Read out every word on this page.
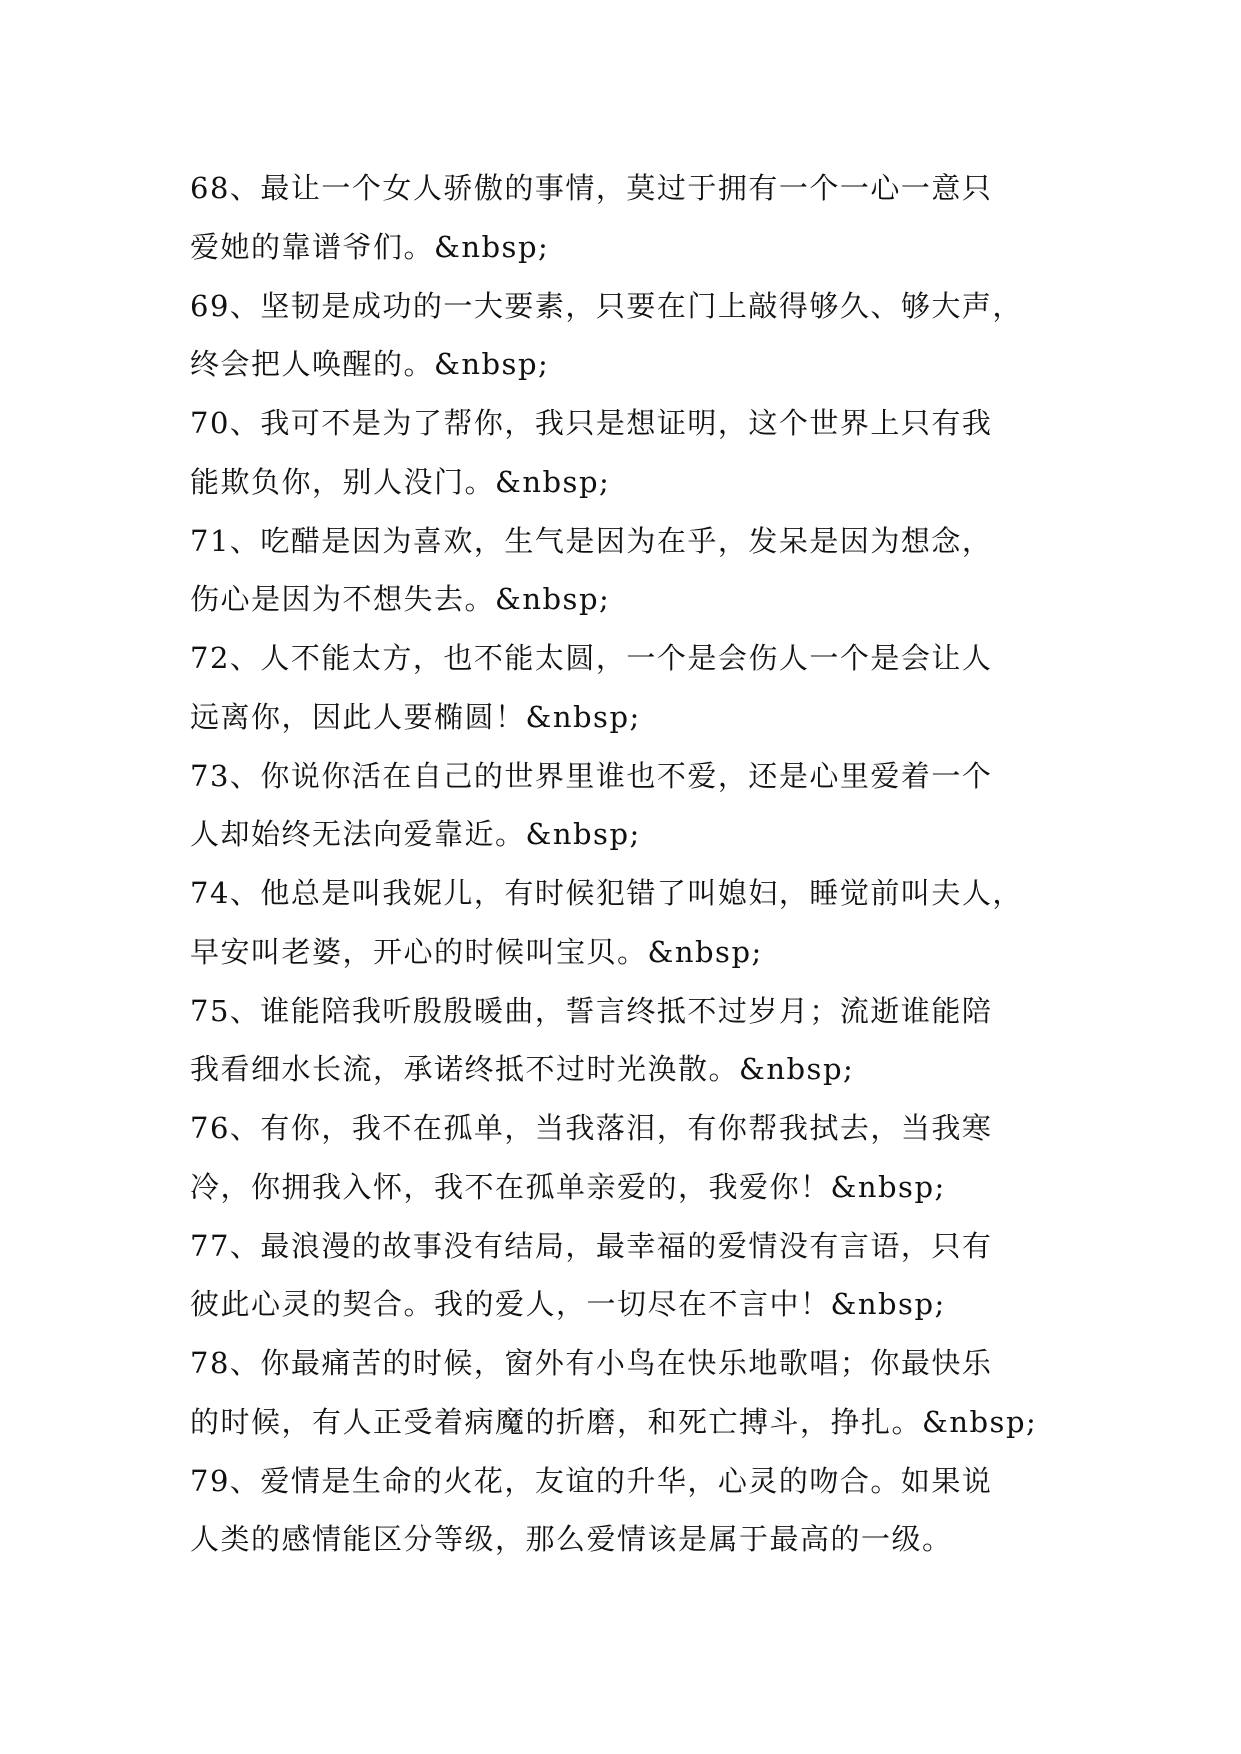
68、最让一个女人骄傲的事情，莫过于拥有一个一心一意只
爱她的靠谱爷们。&nbsp;
69、坚韧是成功的一大要素，只要在门上敲得够久、够大声，
终会把人唤醒的。&nbsp;
70、我可不是为了帮你，我只是想证明，这个世界上只有我
能欺负你，别人没门。&nbsp;
71、吃醋是因为喜欢，生气是因为在乎，发呆是因为想念，
伤心是因为不想失去。&nbsp;
72、人不能太方，也不能太圆，一个是会伤人一个是会让人
远离你，因此人要椭圆！&nbsp;
73、你说你活在自己的世界里谁也不爱，还是心里爱着一个
人却始终无法向爱靠近。&nbsp;
74、他总是叫我妮儿，有时候犯错了叫媳妇，睡觉前叫夫人，
早安叫老婆，开心的时候叫宝贝。&nbsp;
75、谁能陪我听殷殷暖曲，誓言终抵不过岁月；流逝谁能陪
我看细水长流，承诺终抵不过时光涣散。&nbsp;
76、有你，我不在孤单，当我落泪，有你帮我拭去，当我寒
冷，你拥我入怀，我不在孤单亲爱的，我爱你！&nbsp;
77、最浪漫的故事没有结局，最幸福的爱情没有言语，只有
彼此心灵的契合。我的爱人，一切尽在不言中！&nbsp;
78、你最痛苦的时候，窗外有小鸟在快乐地歌唱；你最快乐
的时候，有人正受着病魔的折磨，和死亡搏斗，挣扎。&nbsp;
79、爱情是生命的火花，友谊的升华，心灵的吻合。如果说
人类的感情能区分等级，那么爱情该是属于最高的一级。
